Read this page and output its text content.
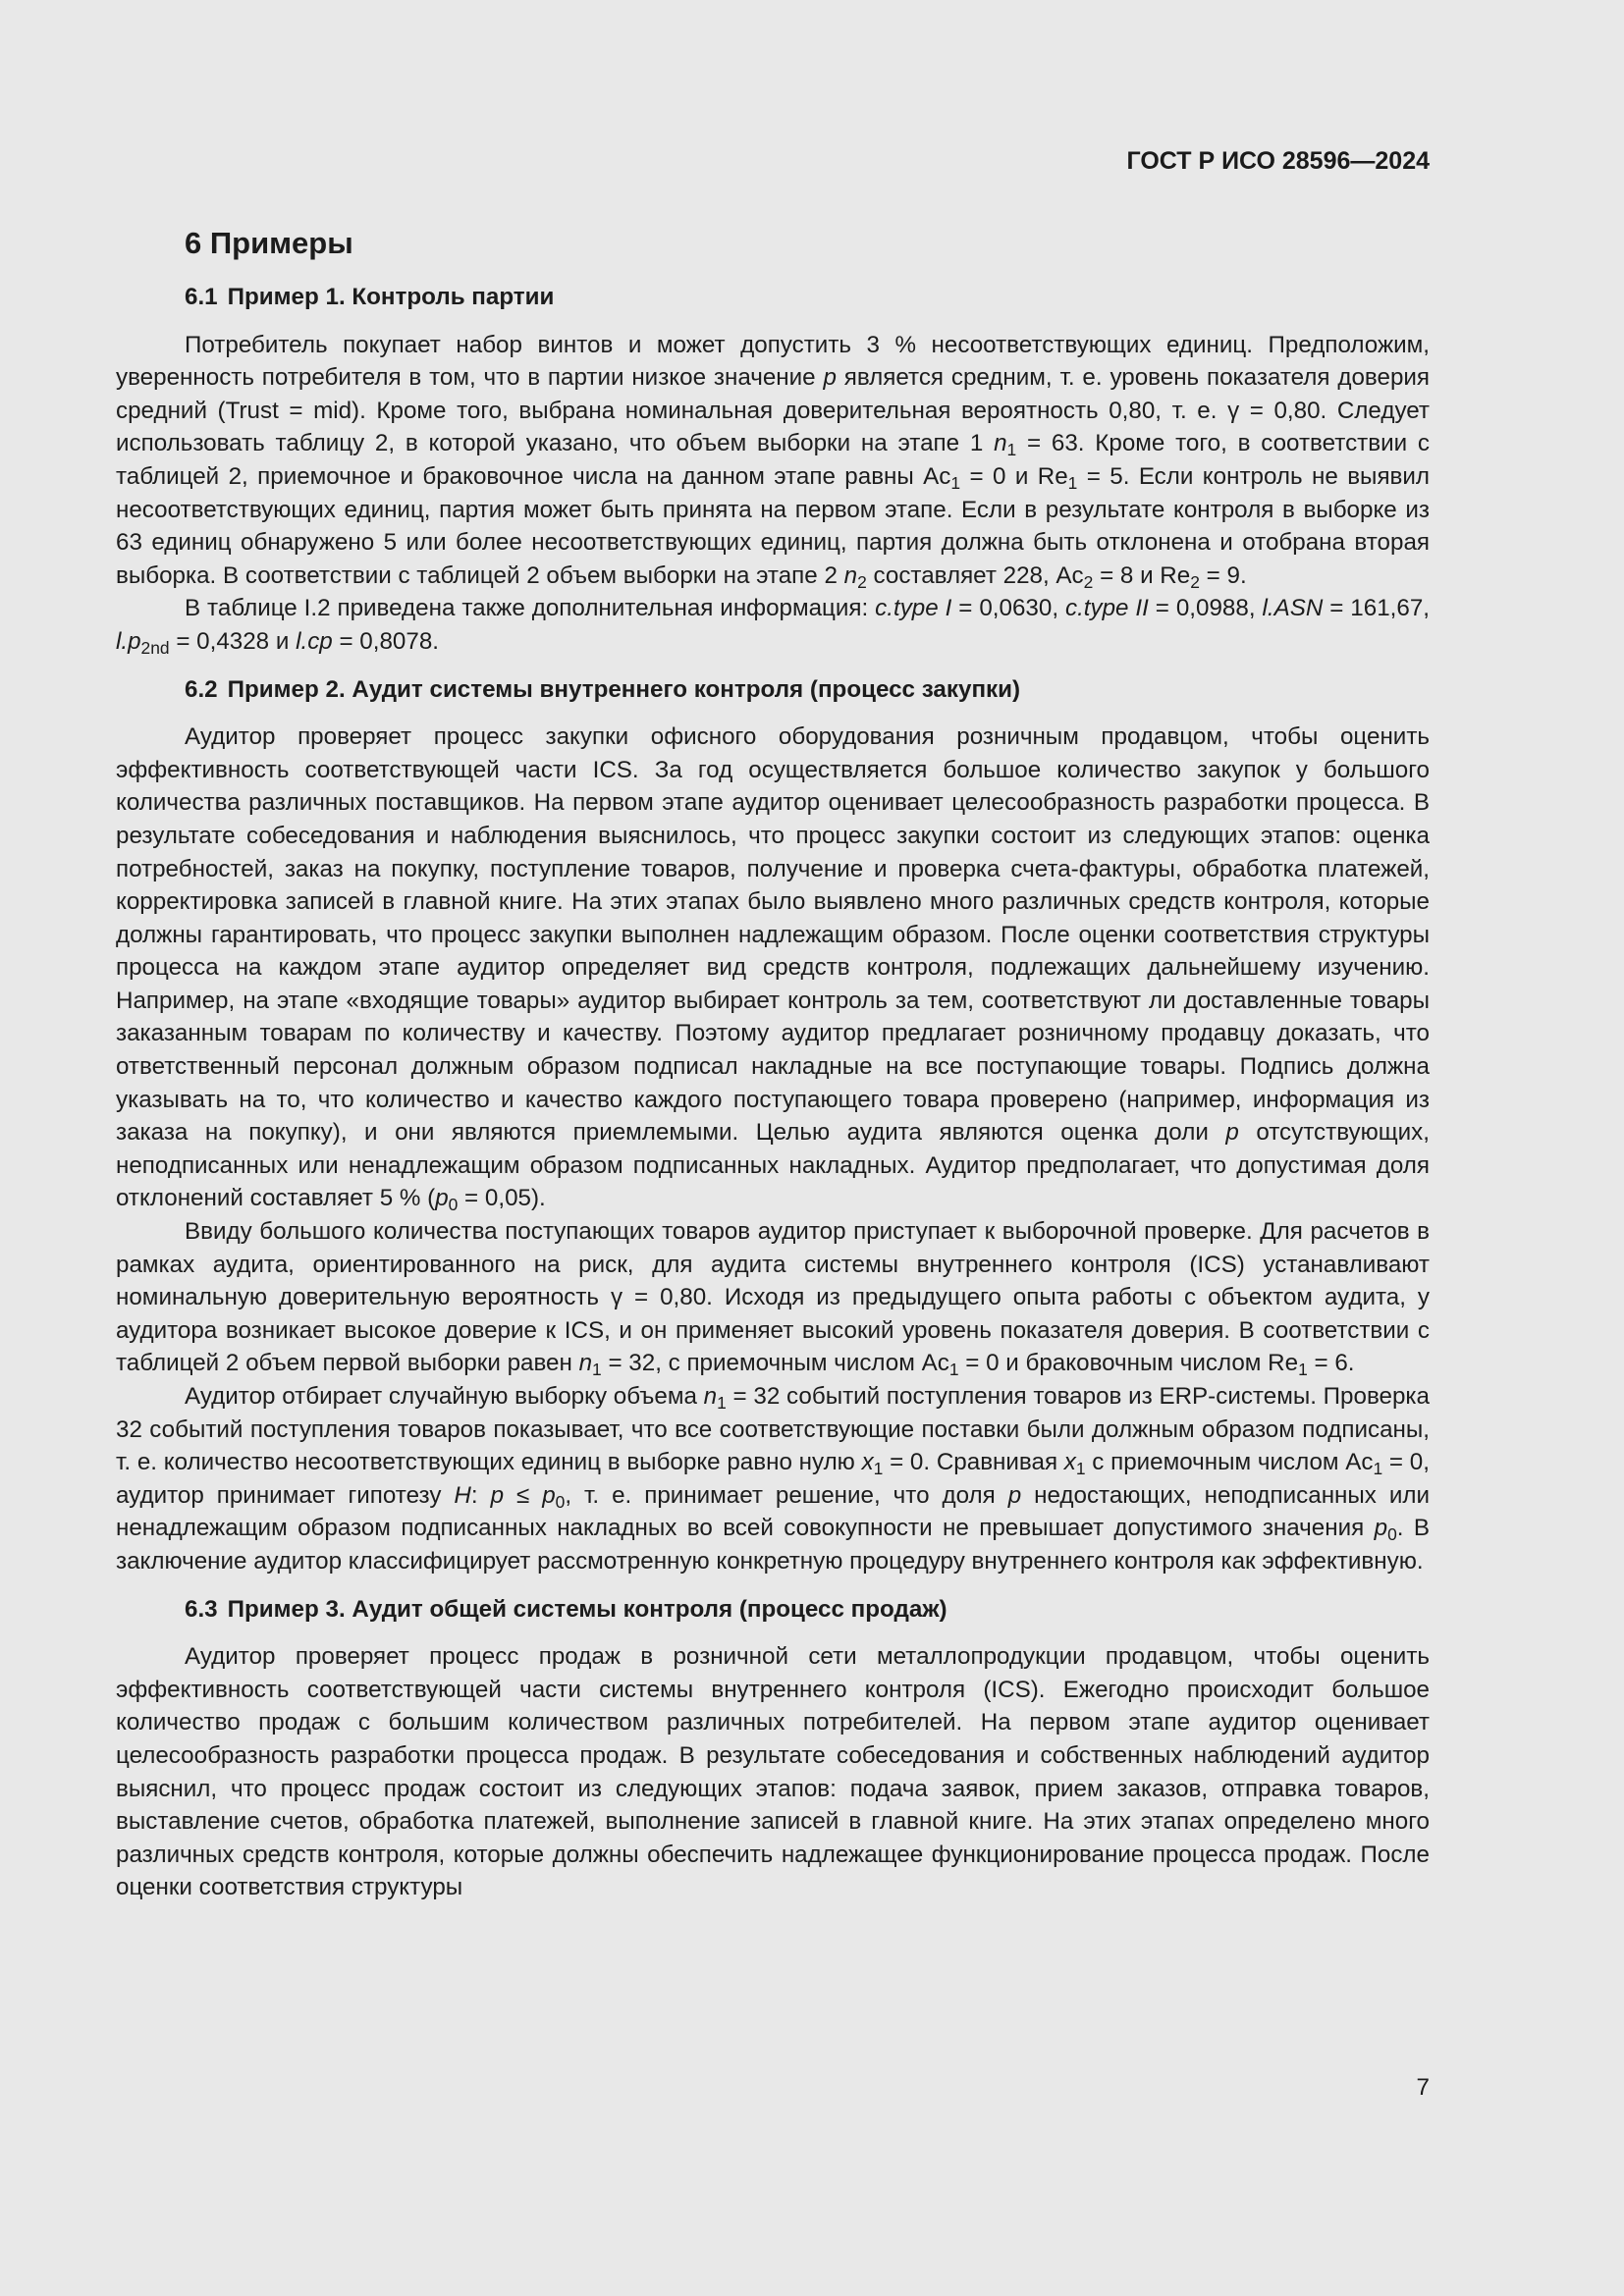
ГОСТ Р ИСО 28596—2024
6 Примеры
6.1 Пример 1. Контроль партии

Потребитель покупает набор винтов и может допустить 3 % несоответствующих единиц. Предположим, уверенность потребителя в том, что в партии низкое значение p является средним, т. е. уровень показателя доверия средний (Trust = mid). Кроме того, выбрана номинальная доверительная вероятность 0,80, т. е. γ = 0,80. Следует использовать таблицу 2, в которой указано, что объем выборки на этапе 1 $n_1 = 63$. Кроме того, в соответствии с таблицей 2, приемочное и браковочное числа на данном этапе равны $Ac_1 = 0$ и $Re_1 = 5$. Если контроль не выявил несоответствующих единиц, партия может быть принята на первом этапе. Если в результате контроля в выборке из 63 единиц обнаружено 5 или более несоответствующих единиц, партия должна быть отклонена и отобрана вторая выборка. В соответствии с таблицей 2 объем выборки на этапе 2 $n_2$ составляет 228, $Ac_2 = 8$ и $Re_2 = 9$.

В таблице I.2 приведена также дополнительная информация: c.type I = 0,0630, c.type II = 0,0988, l.ASN = 161,67, $l.p_{2nd} = 0,4328$ и l.cp = 0,8078.

6.2 Пример 2. Аудит системы внутреннего контроля (процесс закупки)

Аудитор проверяет процесс закупки офисного оборудования розничным продавцом, чтобы оценить эффективность соответствующей части ICS. За год осуществляется большое количество закупок у большого количества различных поставщиков. На первом этапе аудитор оценивает целесообразность разработки процесса. В результате собеседования и наблюдения выяснилось, что процесс закупки состоит из следующих этапов: оценка потребностей, заказ на покупку, поступление товаров, получение и проверка счета-фактуры, обработка платежей, корректировка записей в главной книге. На этих этапах было выявлено много различных средств контроля, которые должны гарантировать, что процесс закупки выполнен надлежащим образом. После оценки соответствия структуры процесса на каждом этапе аудитор определяет вид средств контроля, подлежащих дальнейшему изучению. Например, на этапе «входящие товары» аудитор выбирает контроль за тем, соответствуют ли доставленные товары заказанным товарам по количеству и качеству. Поэтому аудитор предлагает розничному продавцу доказать, что ответственный персонал должным образом подписал накладные на все поступающие товары. Подпись должна указывать на то, что количество и качество каждого поступающего товара проверено (например, информация из заказа на покупку), и они являются приемлемыми. Целью аудита являются оценка доли p отсутствующих, неподписанных или ненадлежащим образом подписанных накладных. Аудитор предполагает, что допустимая доля отклонений составляет 5 % $(p_0 = 0,05)$.

Ввиду большого количества поступающих товаров аудитор приступает к выборочной проверке. Для расчетов в рамках аудита, ориентированного на риск, для аудита системы внутреннего контроля (ICS) устанавливают номинальную доверительную вероятность γ = 0,80. Исходя из предыдущего опыта работы с объектом аудита, у аудитора возникает высокое доверие к ICS, и он применяет высокий уровень показателя доверия. В соответствии с таблицей 2 объем первой выборки равен $n_1 = 32$, с приемочным числом $Ac_1 = 0$ и браковочным числом $Re_1 = 6$.

Аудитор отбирает случайную выборку объема $n_1 = 32$ событий поступления товаров из ERP-системы. Проверка 32 событий поступления товаров показывает, что все соответствующие поставки были должным образом подписаны, т. е. количество несоответствующих единиц в выборке равно нулю $x_1 = 0$. Сравнивая $x_1$ с приемочным числом $Ac_1 = 0$, аудитор принимает гипотезу H: $p \le p_0$, т. е. принимает решение, что доля p недостающих, неподписанных или ненадлежащим образом подписанных накладных во всей совокупности не превышает допустимого значения $p_0$. В заключение аудитор классифицирует рассмотренную конкретную процедуру внутреннего контроля как эффективную.

6.3 Пример 3. Аудит общей системы контроля (процесс продаж)

Аудитор проверяет процесс продаж в розничной сети металлопродукции продавцом, чтобы оценить эффективность соответствующей части системы внутреннего контроля (ICS). Ежегодно происходит большое количество продаж с большим количеством различных потребителей. На первом этапе аудитор оценивает целесообразность разработки процесса продаж. В результате собеседования и собственных наблюдений аудитор выяснил, что процесс продаж состоит из следующих этапов: подача заявок, прием заказов, отправка товаров, выставление счетов, обработка платежей, выполнение записей в главной книге. На этих этапах определено много различных средств контроля, которые должны обеспечить надлежащее функционирование процесса продаж. После оценки соответствия структуры

7
